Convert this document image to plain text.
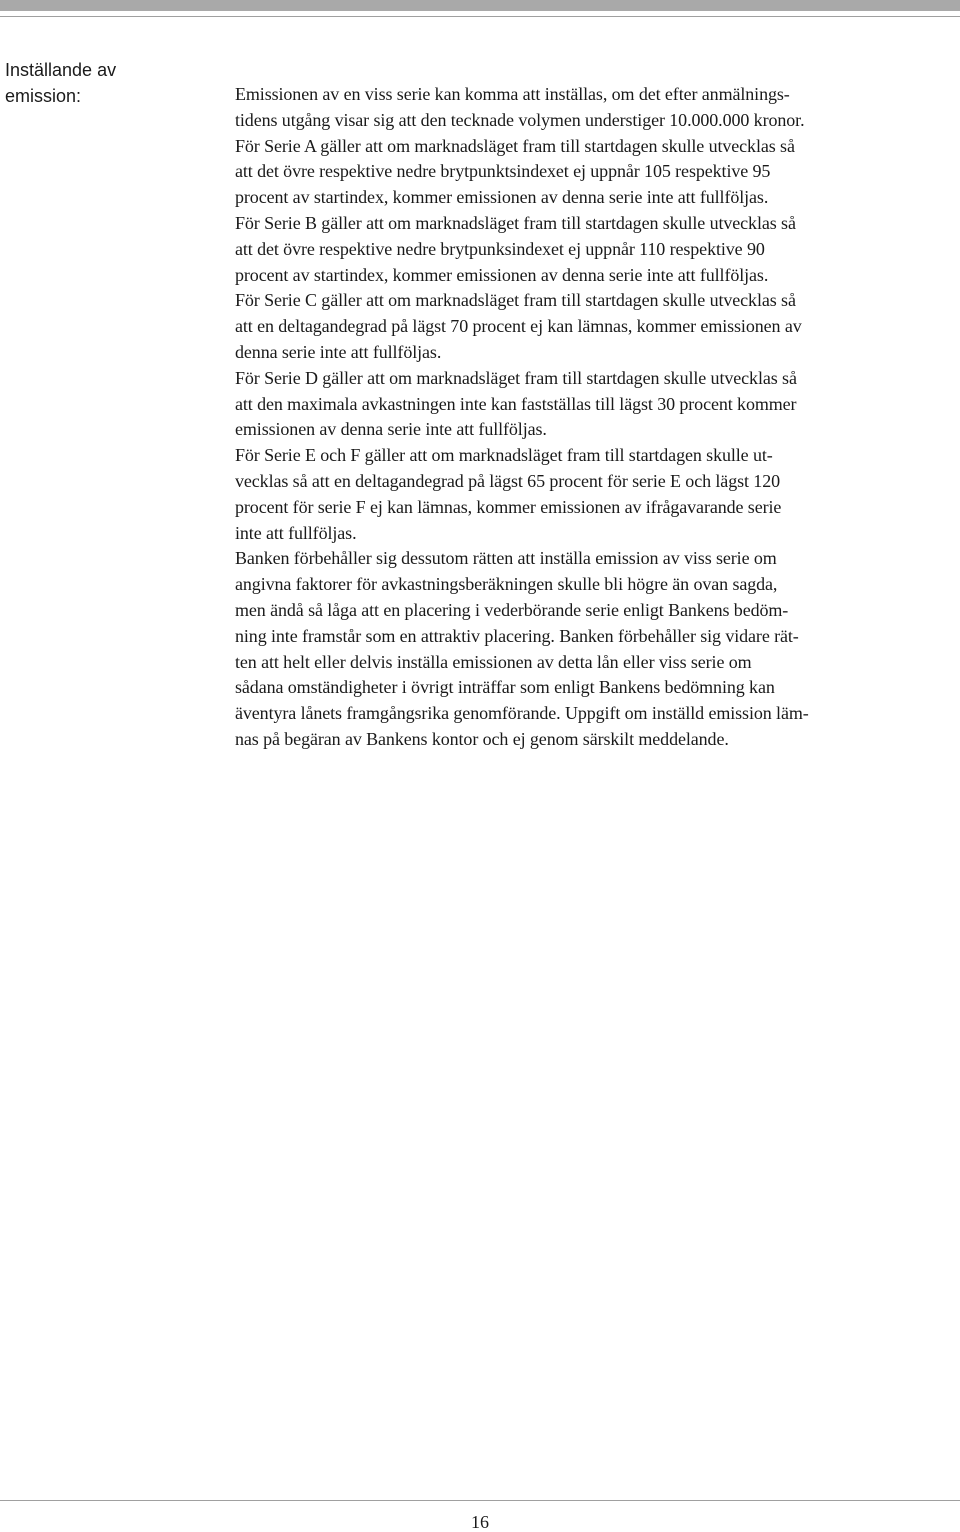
Inställande av
emission:	Emissionen av en viss serie kan komma att inställas, om det efter anmälnings-
tidens utgång visar sig att den tecknade volymen understiger 10.000.000 kronor.

För Serie A gäller att om marknadsläget fram till startdagen skulle utvecklas så
att det övre respektive nedre brytpunktsindexet ej uppnår 105 respektive 95
procent av startindex, kommer emissionen av denna serie inte att fullföljas.

För Serie B gäller att om marknadsläget fram till startdagen skulle utvecklas så
att det övre respektive nedre brytpunksindexet ej uppnår 110 respektive 90
procent av startindex, kommer emissionen av denna serie inte att fullföljas.

För Serie C gäller att om marknadsläget fram till startdagen skulle utvecklas så
att en deltagandegrad på lägst 70 procent ej kan lämnas, kommer emissionen av
denna serie inte att fullföljas.

För Serie D gäller att om marknadsläget fram till startdagen skulle utvecklas så
att den maximala avkastningen inte kan fastställas till lägst 30 procent kommer
emissionen av denna serie inte att fullföljas.

För Serie E och F gäller att om marknadsläget fram till startdagen skulle ut-
vecklas så att en deltagandegrad på lägst 65 procent för serie E och lägst 120
procent för serie F ej kan lämnas, kommer emissionen av ifrågavarande serie
inte att fullföljas.

Banken förbehåller sig dessutom rätten att inställa emission av viss serie om
angivna faktorer för avkastningsberäkningen skulle bli högre än ovan sagda,
men ändå så låga att en placering i vederbörande serie enligt Bankens bedöm-
ning inte framstår som en attraktiv placering. Banken förbehåller sig vidare rät-
ten att helt eller delvis inställa emissionen av detta lån eller viss serie om
sådana omständigheter i övrigt inträffar som enligt Bankens bedömning kan
äventyra lånets framgångsrika genomförande. Uppgift om inställd emission läm-
nas på begäran av Bankens kontor och ej genom särskilt meddelande.

16
